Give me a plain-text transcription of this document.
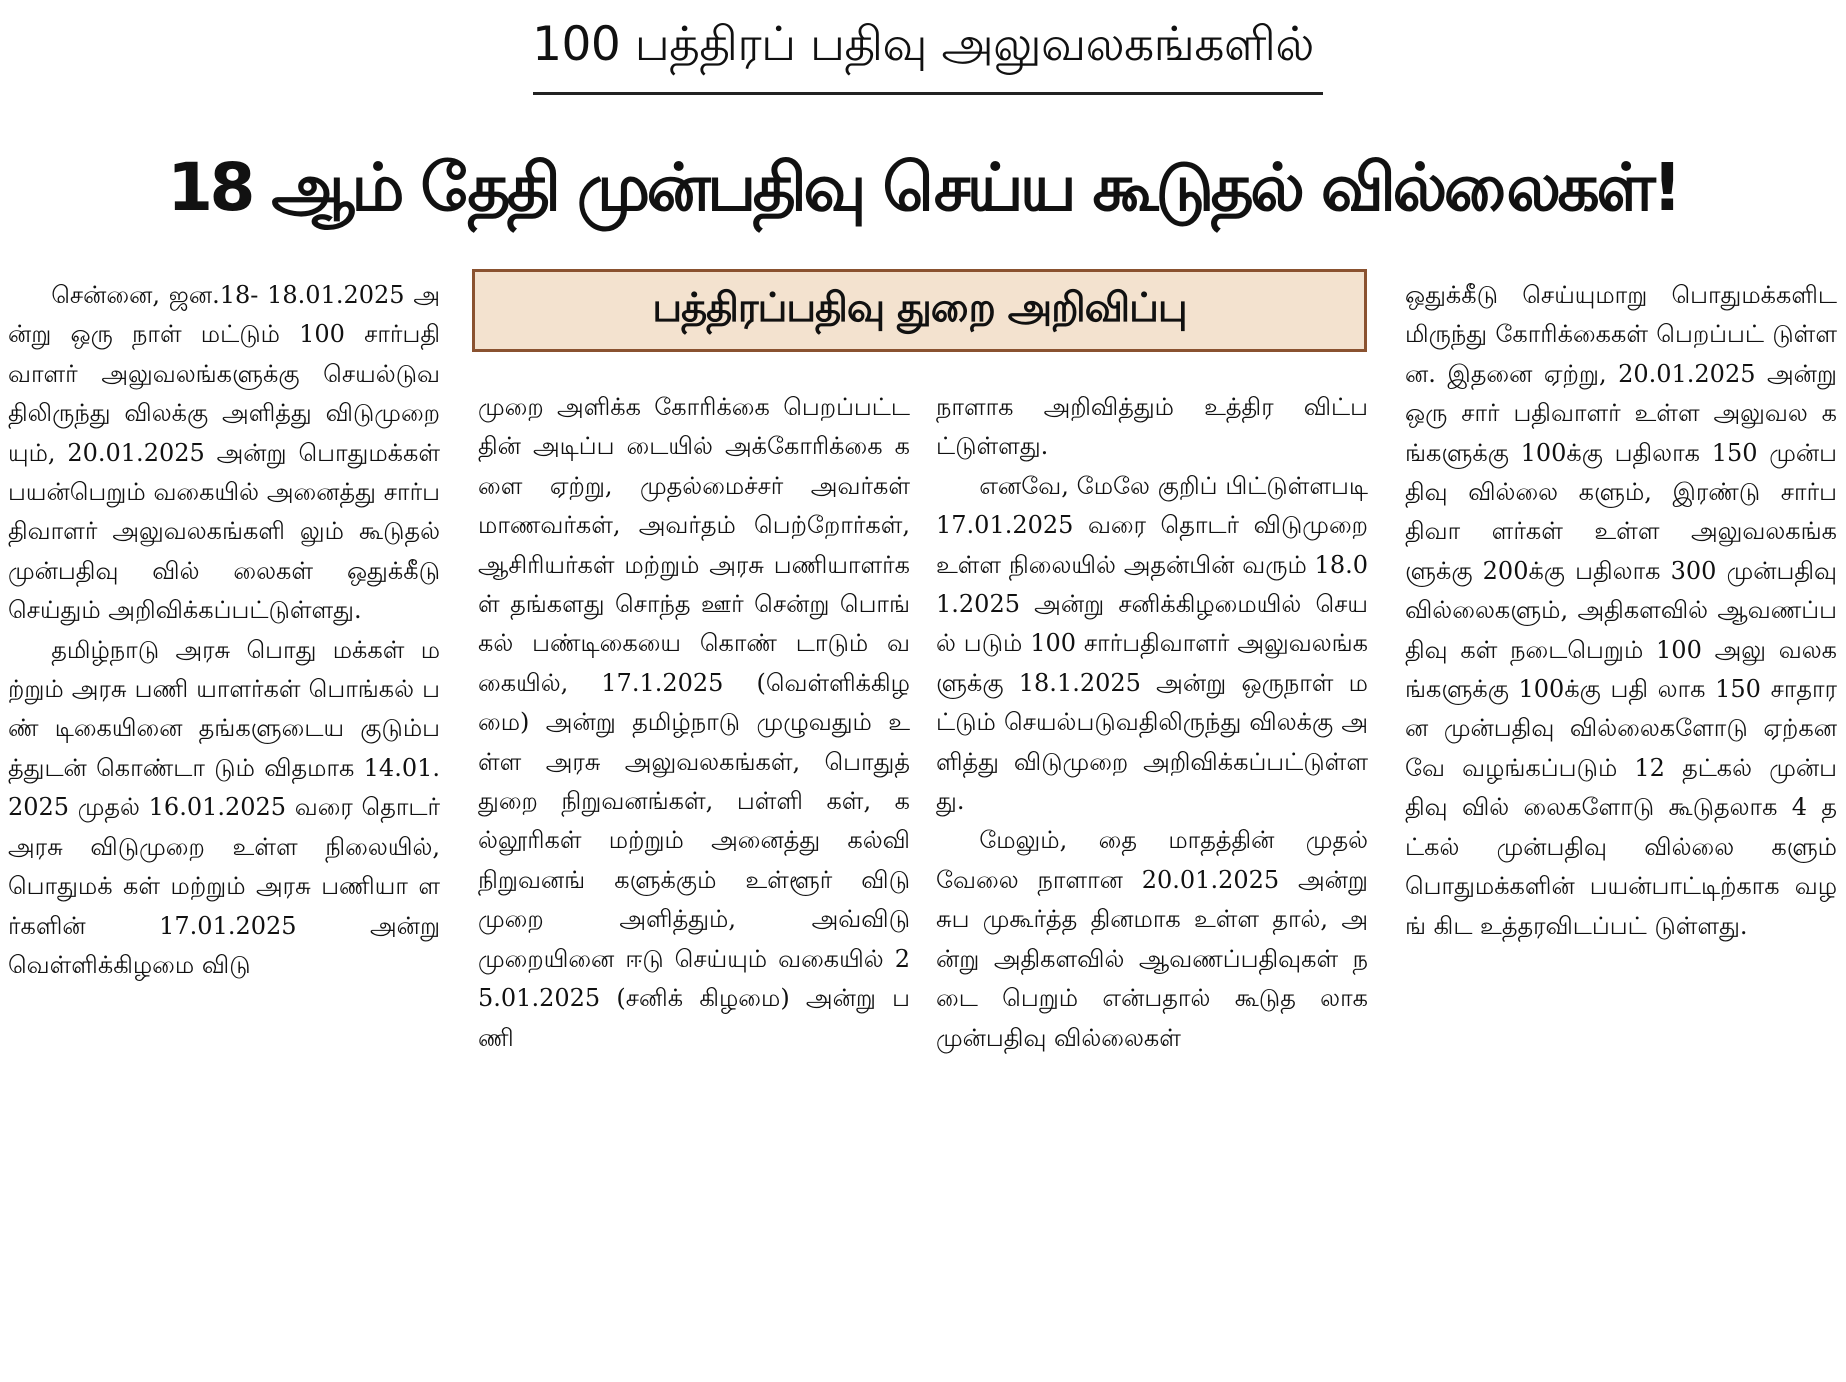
100 பத்திரப் பதிவு அலுவலகங்களில்
18 ஆம் தேதி முன்பதிவு செய்ய கூடுதல் வில்லைகள்!
பத்திரப்பதிவு துறை அறிவிப்பு

சென்னை, ஜன.18- 18.01.2025 அன்று ஒரு நாள் மட்டும் 100 சார்பதி வாளர் அலுவலங்களுக்கு செயல்டுவதிலிருந்து விலக்கு அளித்து விடுமுறை யும், 20.01.2025 அன்று பொதுமக்கள் பயன்பெறும் வகையில் அனைத்து சார்ப திவாளர் அலுவலகங்களி லும் கூடுதல் முன்பதிவு வில் லைகள் ஒதுக்கீடு செய்தும் அறிவிக்கப்பட்டுள்ளது.

தமிழ்நாடு அரசு பொது மக்கள் மற்றும் அரசு பணி யாளர்கள் பொங்கல் பண் டிகையினை தங்களுடைய குடும்பத்துடன் கொண்டா டும் விதமாக 14.01.2025 முதல் 16.01.2025 வரை தொடர் அரசு விடுமுறை உள்ள நிலையில், பொதுமக் கள் மற்றும் அரசு பணியா ளர்களின் 17.01.2025 அன்று வெள்ளிக்கிழமை விடு

முறை அளிக்க கோரிக்கை பெறப்பட்டதின் அடிப்ப டையில் அக்கோரிக்கை களை ஏற்று, முதல்மைச்சர் அவர்கள் மாணவர்கள், அவர்தம் பெற்றோர்கள், ஆசிரியர்கள் மற்றும் அரசு பணியாளர்கள் தங்களது சொந்த ஊர் சென்று பொங் கல் பண்டிகையை கொண் டாடும் வகையில், 17.1.2025 (வெள்ளிக்கிழமை) அன்று தமிழ்நாடு முழுவதும் உள்ள அரசு அலுவலகங்கள், பொதுத் துறை நிறுவனங்கள், பள்ளி கள், கல்லூரிகள் மற்றும் அனைத்து கல்வி நிறுவனங் களுக்கும் உள்ளூர் விடு முறை அளித்தும், அவ்விடு முறையினை ஈடு செய்யும் வகையில் 25.01.2025 (சனிக் கிழமை) அன்று பணி

நாளாக அறிவித்தும் உத்திர விட்பட்டுள்ளது.

எனவே, மேலே குறிப் பிட்டுள்ளபடி 17.01.2025 வரை தொடர் விடுமுறை உள்ள நிலையில் அதன்பின் வரும் 18.01.2025 அன்று சனிக்கிழமையில் செயல் படும் 100 சார்பதிவாளர் அலுவலங்களுக்கு 18.1.2025 அன்று ஒருநாள் மட்டும் செயல்படுவதிலிருந்து விலக்கு அளித்து விடுமுறை அறிவிக்கப்பட்டுள்ளது.

மேலும், தை மாதத்தின் முதல் வேலை நாளான 20.01.2025 அன்று சுப முகூர்த்த தினமாக உள்ள தால், அன்று அதிகளவில் ஆவணப்பதிவுகள் நடை பெறும் என்பதால் கூடுத லாக முன்பதிவு வில்லைகள்

ஒதுக்கீடு செய்யுமாறு பொதுமக்களிடமிருந்து கோரிக்கைகள் பெறப்பட் டுள்ளன. இதனை ஏற்று, 20.01.2025 அன்று ஒரு சார் பதிவாளர் உள்ள அலுவல கங்களுக்கு 100க்கு பதிலாக 150 முன்பதிவு வில்லை களும், இரண்டு சார்பதிவா ளர்கள் உள்ள அலுவலகங்க ளுக்கு 200க்கு பதிலாக 300 முன்பதிவு வில்லைகளும், அதிகளவில் ஆவணப்பதிவு கள் நடைபெறும் 100 அலு வலகங்களுக்கு 100க்கு பதி லாக 150 சாதாரன முன்பதிவு வில்லைகளோடு ஏற்கனவே வழங்கப்படும் 12 தட்கல் முன்பதிவு வில் லைகளோடு கூடுதலாக 4 தட்கல் முன்பதிவு வில்லை களும் பொதுமக்களின் பயன்பாட்டிற்காக வழங் கிட உத்தரவிடப்பட் டுள்ளது.
